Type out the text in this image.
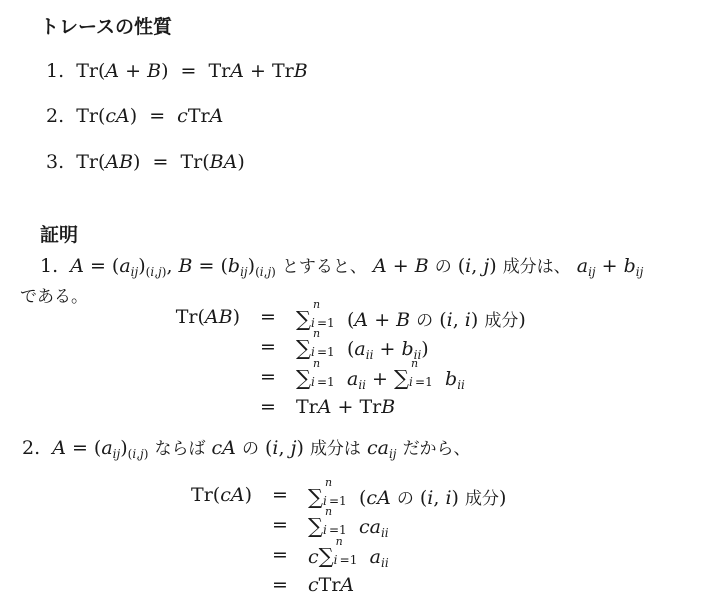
トレースの性質
1. Tr(A + B) = TrA + TrB
2. Tr(cA) = cTrA
3. Tr(AB) = Tr(BA)
証明
1. $A = (a_{ij})_{(i,j)}$, $B = (b_{ij})_{(i,j)}$ とすると、 A + B の (i, j) 成分は、 $a_{ij} + b_{ij}$
である。
Tr(AB) = ∑
n
i =1 (A + B の (i, i) 成分)
= ∑
n
i =1 $(a_{ii} + b_{ii})$
= ∑
n
i =1 $a_{ii}$ + ∑
n
i =1 $b_{ii}$
= TrA + TrB
2. $A = (a_{ij})_{(i,j)}$ ならば cA の (i, j) 成分は $ca_{ij}$ だから、
Tr(cA) = ∑
n
i =1 (cA の (i, i) 成分)
= ∑
n
i =1 $ca_{ii}$
= c∑
n
i =1 $a_{ii}$
= cTrA
